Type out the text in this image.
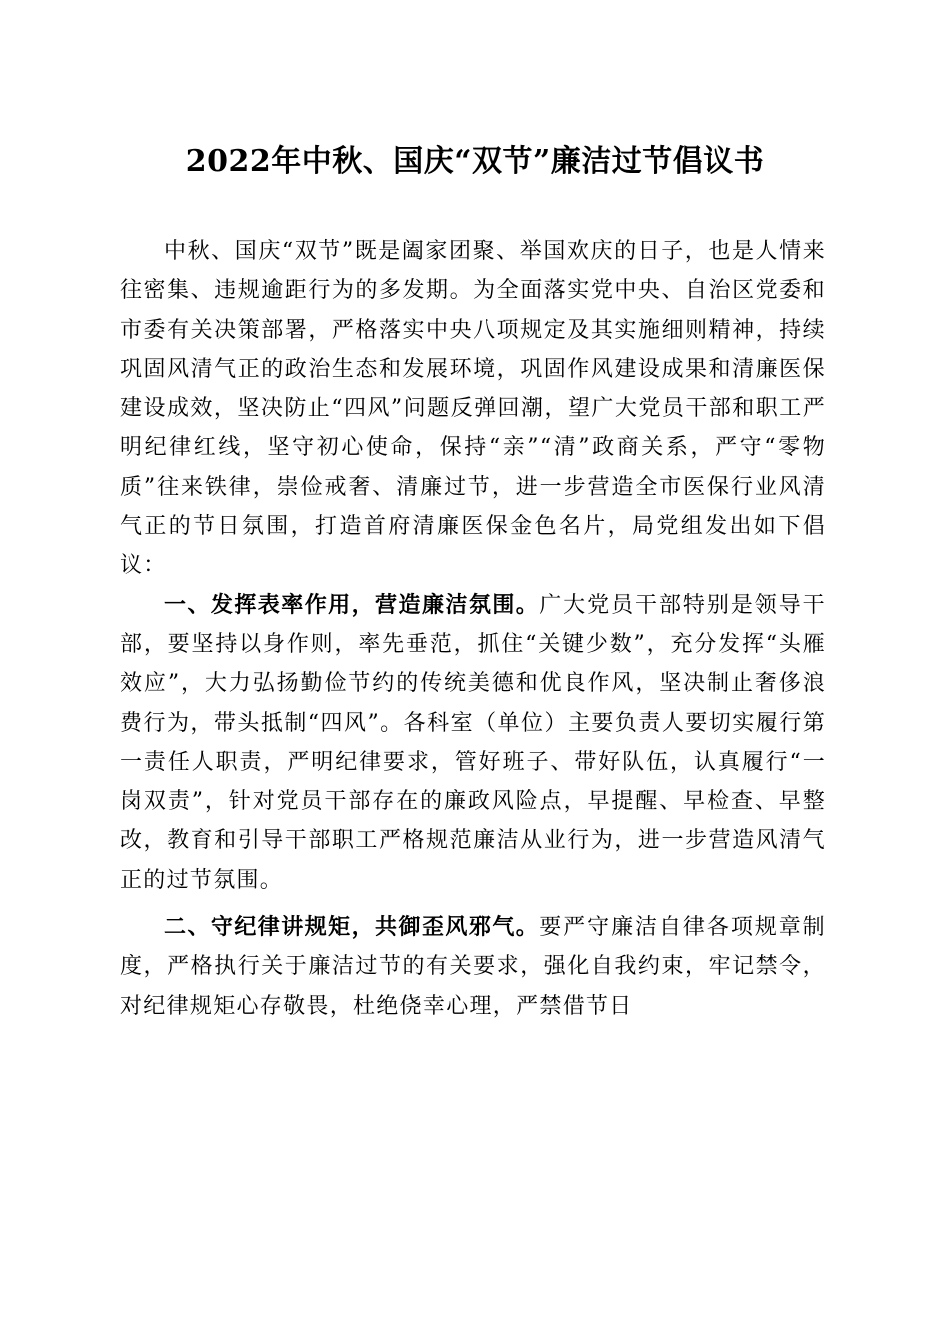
2022年中秋、国庆“双节”廉洁过节倡议书

中秋、国庆“双节”既是阖家团聚、举国欢庆的日子，也是人情来往密集、违规逾距行为的多发期。为全面落实党中央、自治区党委和市委有关决策部署，严格落实中央八项规定及其实施细则精神，持续巩固风清气正的政治生态和发展环境，巩固作风建设成果和清廉医保建设成效，坚决防止“四风”问题反弹回潮，望广大党员干部和职工严明纪律红线，坚守初心使命，保持“亲”“清”政商关系，严守“零物质”往来铁律，崇俭戒奢、清廉过节，进一步营造全市医保行业风清气正的节日氛围，打造首府清廉医保金色名片，局党组发出如下倡议：

一、发挥表率作用，营造廉洁氛围。广大党员干部特别是领导干部，要坚持以身作则，率先垂范，抓住“关键少数”，充分发挥“头雁效应”，大力弘扬勤俭节约的传统美德和优良作风，坚决制止奢侈浪费行为，带头抵制“四风”。各科室（单位）主要负责人要切实履行第一责任人职责，严明纪律要求，管好班子、带好队伍，认真履行“一岗双责”，针对党员干部存在的廉政风险点，早提醒、早检查、早整改，教育和引导干部职工严格规范廉洁从业行为，进一步营造风清气正的过节氛围。

二、守纪律讲规矩，共御歪风邪气。要严守廉洁自律各项规章制度，严格执行关于廉洁过节的有关要求，强化自我约束，牢记禁令，对纪律规矩心存敬畏，杜绝侥幸心理，严禁借节日
